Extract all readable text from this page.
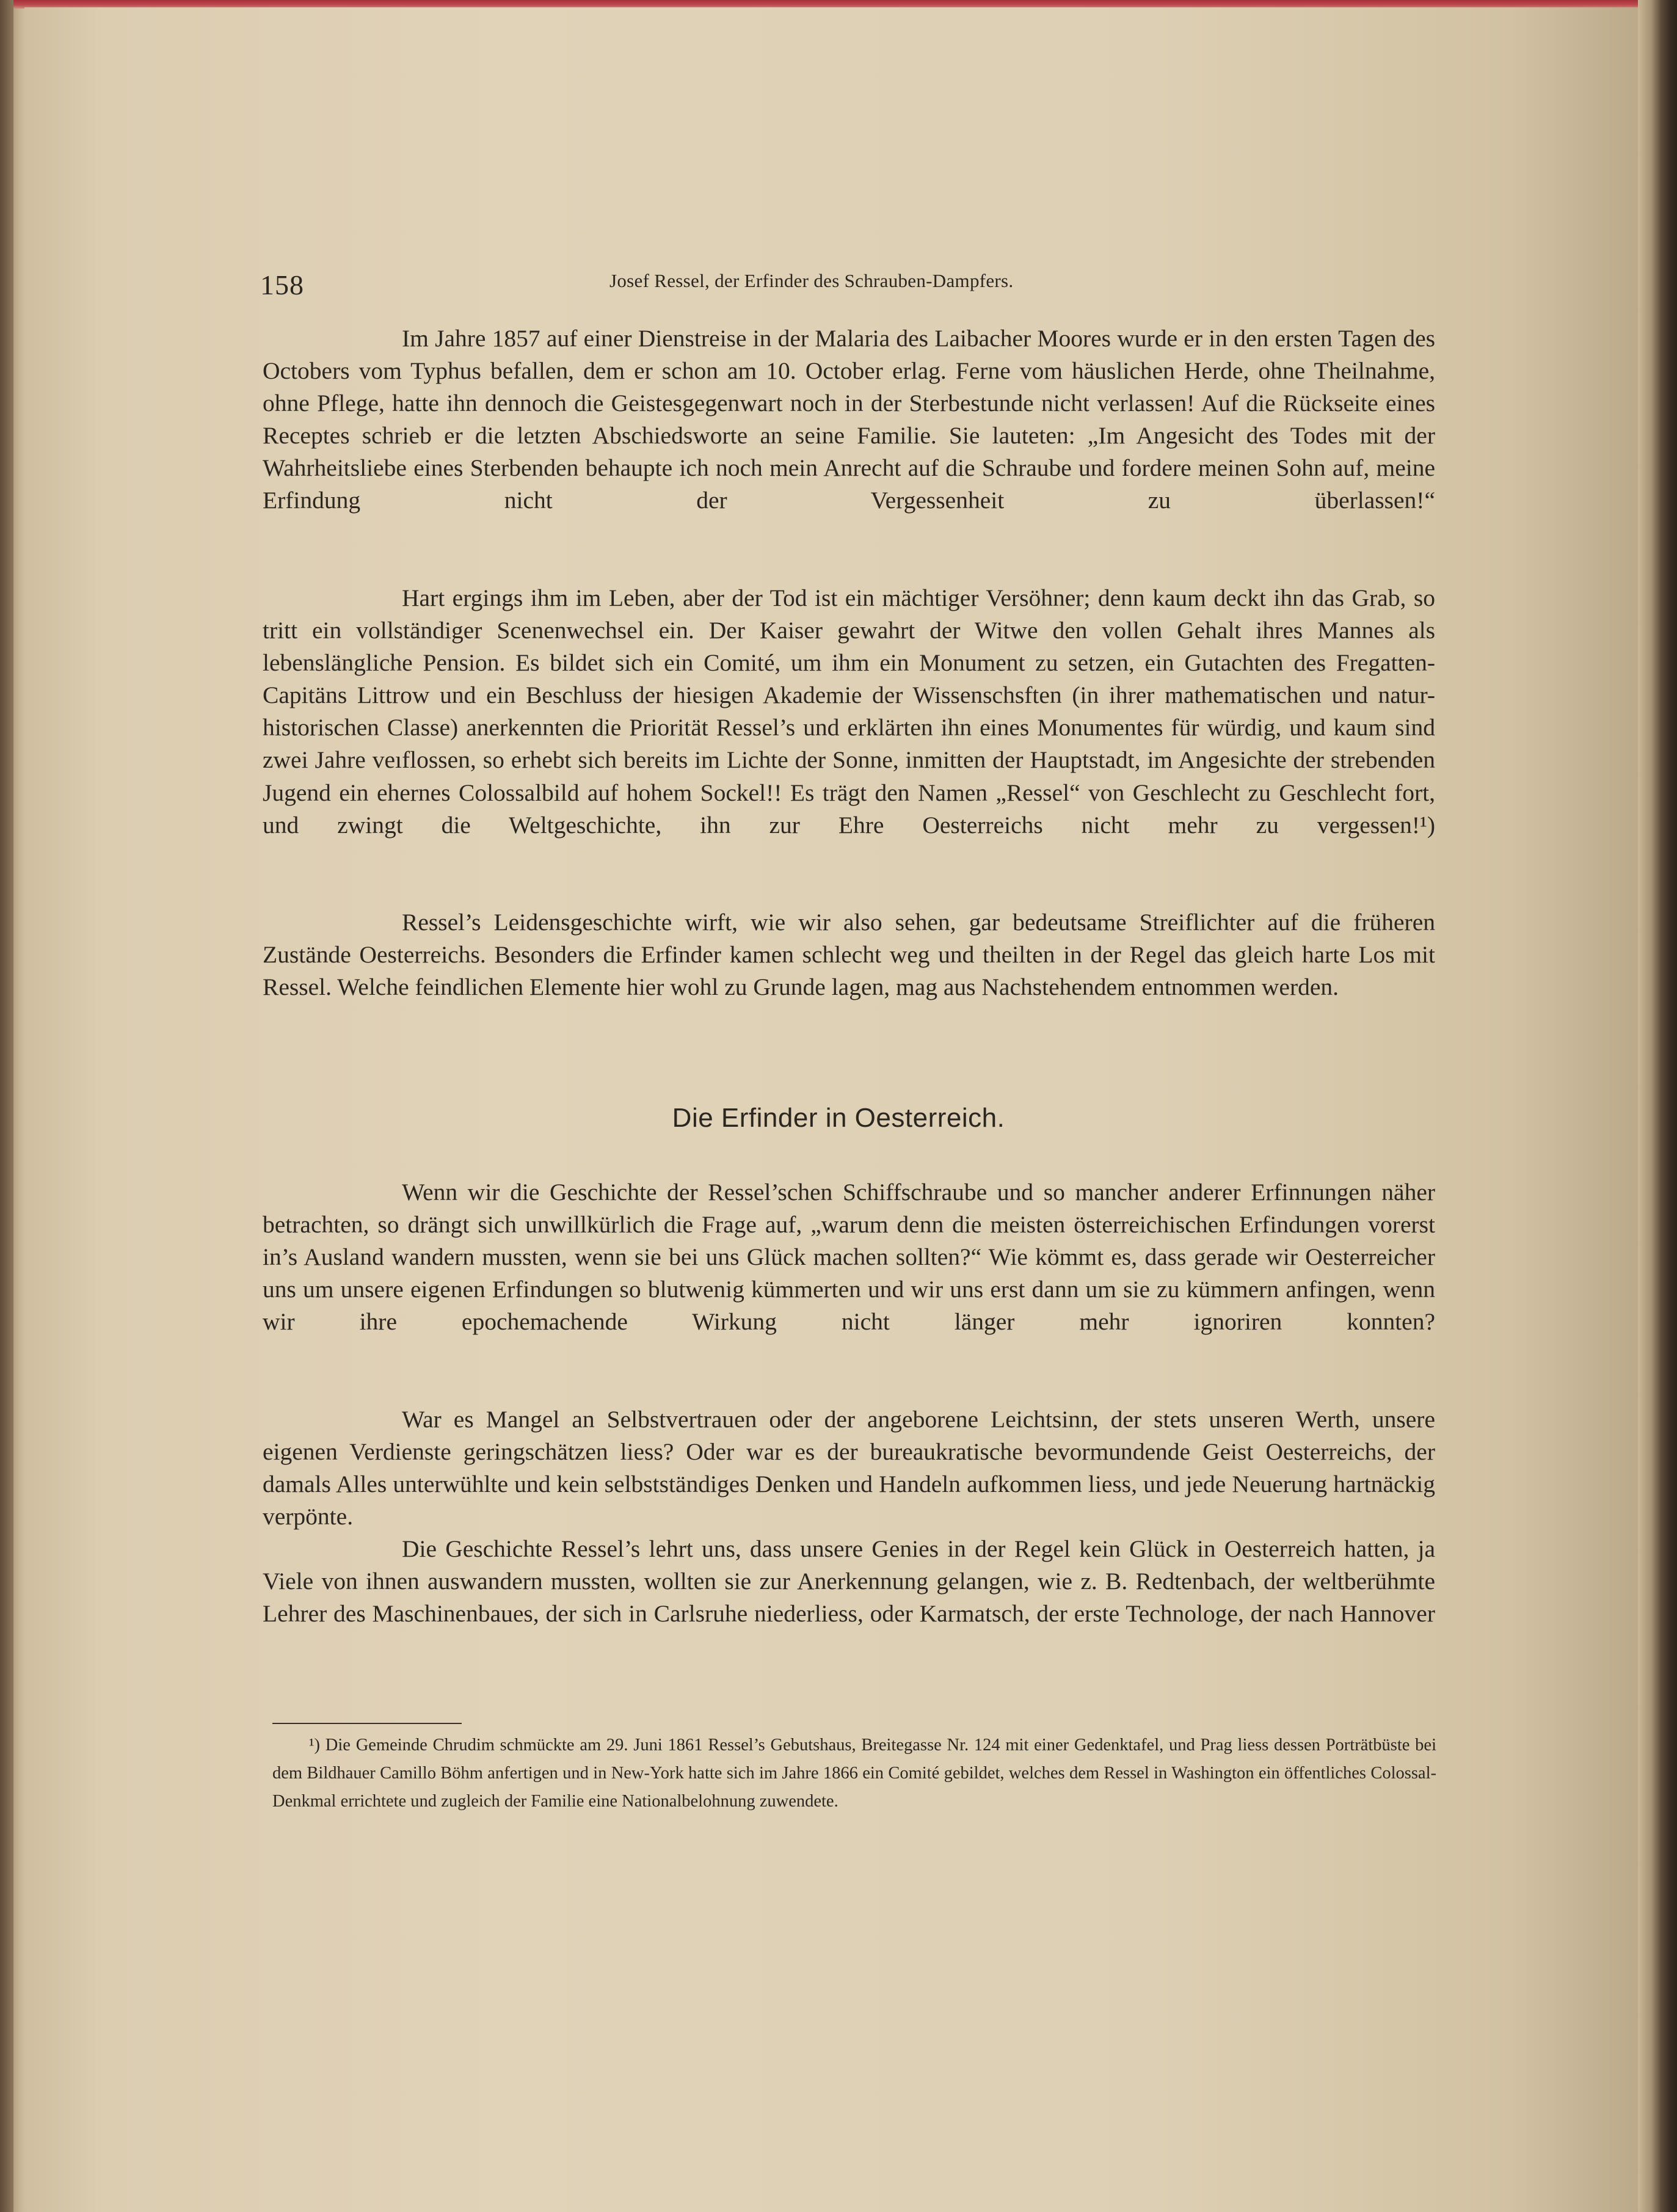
158	Josef Ressel, der Erfinder des Schrauben-Dampfers.

Im Jahre 1857 auf einer Dienstreise in der Malaria des Laibacher Moores wurde er in den ersten Tagen des Octobers vom Typhus befallen, dem er schon am 10. October erlag. Ferne vom häuslichen Herde, ohne Theilnahme, ohne Pflege, hatte ihn dennoch die Geistesgegenwart noch in der Sterbestunde nicht verlassen! Auf die Rückseite eines Receptes schrieb er die letzten Abschiedsworte an seine Familie. Sie lauteten: „Im Angesicht des Todes mit der Wahrheitsliebe eines Sterbenden behaupte ich noch mein Anrecht auf die Schraube und fordere meinen Sohn auf, meine Erfindung nicht der Vergessenheit zu überlassen!“

Hart ergings ihm im Leben, aber der Tod ist ein mächtiger Versöhner; denn kaum deckt ihn das Grab, so tritt ein vollständiger Scenenwechsel ein. Der Kaiser gewahrt der Witwe den vollen Gehalt ihres Mannes als lebenslängliche Pension. Es bildet sich ein Comité, um ihm ein Monument zu setzen, ein Gutachten des Fregatten-Capitäns Littrow und ein Beschluss der hiesigen Akademie der Wissenschsften (in ihrer mathematischen und natur-historischen Classe) anerkennten die Priorität Ressel’s und erklärten ihn eines Monumentes für würdig, und kaum sind zwei Jahre veıflossen, so erhebt sich bereits im Lichte der Sonne, inmitten der Hauptstadt, im Angesichte der strebenden Jugend ein ehernes Colossalbild auf hohem Sockel!! Es trägt den Namen „Ressel“ von Geschlecht zu Geschlecht fort, und zwingt die Weltgeschichte, ihn zur Ehre Oesterreichs nicht mehr zu vergessen!¹)

Ressel’s Leidensgeschichte wirft, wie wir also sehen, gar bedeutsame Streiflichter auf die früheren Zustände Oesterreichs. Besonders die Erfinder kamen schlecht weg und theilten in der Regel das gleich harte Los mit Ressel. Welche feindlichen Elemente hier wohl zu Grunde lagen, mag aus Nachstehendem entnommen werden.

Die Erfinder in Oesterreich.

Wenn wir die Geschichte der Ressel’schen Schiffschraube und so mancher anderer Erfinnungen näher betrachten, so drängt sich unwillkürlich die Frage auf, „warum denn die meisten österreichischen Erfindungen vorerst in’s Ausland wandern mussten, wenn sie bei uns Glück machen sollten?“ Wie kömmt es, dass gerade wir Oesterreicher uns um unsere eigenen Erfindungen so blutwenig kümmerten und wir uns erst dann um sie zu kümmern anfingen, wenn wir ihre epochemachende Wirkung nicht länger mehr ignoriren konnten?

War es Mangel an Selbstvertrauen oder der angeborene Leichtsinn, der stets unseren Werth, unsere eigenen Verdienste geringschätzen liess? Oder war es der bureaukratische bevormundende Geist Oesterreichs, der damals Alles unterwühlte und kein selbstständiges Denken und Handeln aufkommen liess, und jede Neuerung hartnäckig verpönte.

Die Geschichte Ressel’s lehrt uns, dass unsere Genies in der Regel kein Glück in Oesterreich hatten, ja Viele von ihnen auswandern mussten, wollten sie zur Anerkennung gelangen, wie z. B. Redtenbach, der weltberühmte Lehrer des Maschinenbaues, der sich in Carlsruhe niederliess, oder Karmatsch, der erste Technologe, der nach Hannover

¹) Die Gemeinde Chrudim schmückte am 29. Juni 1861 Ressel’s Gebutshaus, Breitegasse Nr. 124 mit einer Gedenktafel, und Prag liess dessen Porträtbüste bei dem Bildhauer Camillo Böhm anfertigen und in New-York hatte sich im Jahre 1866 ein Comité gebildet, welches dem Ressel in Washington ein öffentliches Colossal-Denkmal errichtete und zugleich der Familie eine Nationalbelohnung zuwendete.
